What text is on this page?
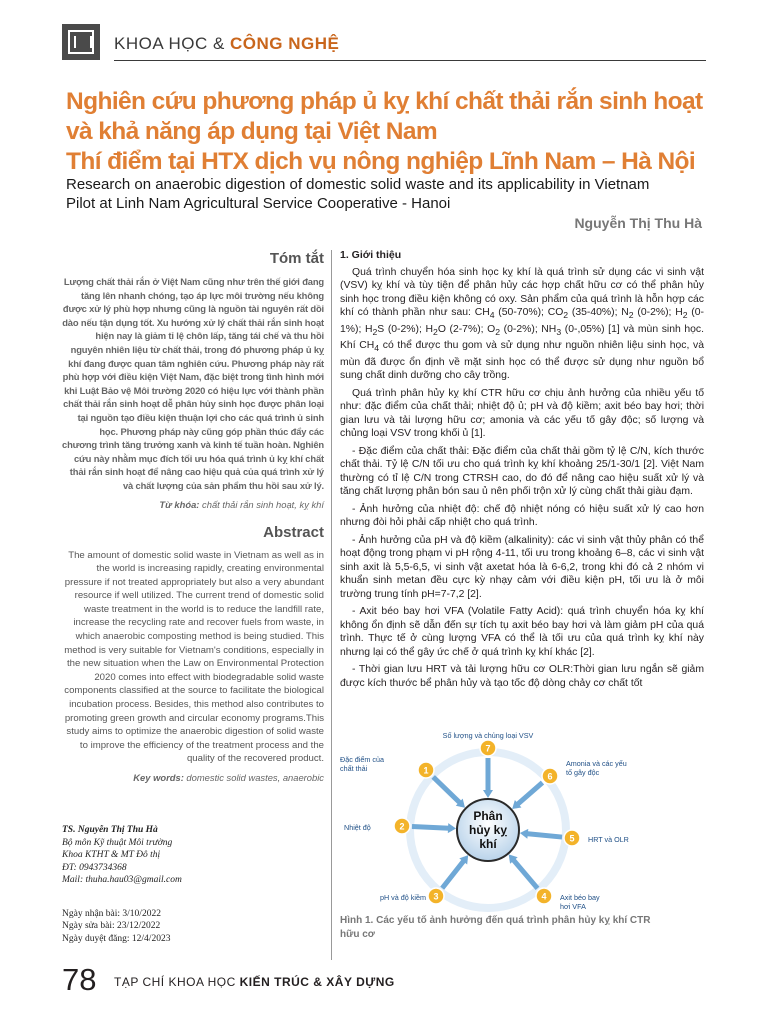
KHOA HỌC & CÔNG NGHỆ
Nghiên cứu phương pháp ủ kỵ khí chất thải rắn sinh hoạt
và khả năng áp dụng tại Việt Nam
Thí điểm tại HTX dịch vụ nông nghiệp Lĩnh Nam – Hà Nội
Research on anaerobic digestion of domestic solid waste and its applicability in Vietnam
Pilot at Linh Nam Agricultural Service Cooperative - Hanoi
Nguyễn Thị Thu Hà
Tóm tắt

Lượng chất thải rắn ở Việt Nam cũng như trên thế giới đang tăng lên nhanh chóng, tạo áp lực môi trường nếu không được xử lý phù hợp nhưng cũng là nguồn tài nguyên rất dồi dào nếu tận dụng tốt. Xu hướng xử lý chất thải rắn sinh hoạt hiện nay là giảm tỉ lệ chôn lấp, tăng tái chế và thu hồi nguyên nhiên liệu từ chất thải, trong đó phương pháp ủ kỵ khí đang được quan tâm nghiên cứu. Phương pháp này rất phù hợp với điều kiện Việt Nam, đặc biệt trong tình hình mới khi Luật Bảo vệ Môi trường 2020 có hiệu lực với thành phần chất thải rắn sinh hoạt dễ phân hủy sinh học được phân loại tại nguồn tạo điều kiện thuận lợi cho các quá trình ủ sinh học. Phương pháp này cũng góp phần thúc đẩy các chương trình tăng trưởng xanh và kinh tế tuần hoàn. Nghiên cứu này nhằm mục đích tối ưu hóa quá trình ủ kỵ khí chất thải rắn sinh hoạt để nâng cao hiệu quả của quá trình xử lý và chất lượng của sản phẩm thu hồi sau xử lý.

Từ khóa: chất thải rắn sinh hoạt, kỵ khí

Abstract

The amount of domestic solid waste in Vietnam as well as in the world is increasing rapidly, creating environmental pressure if not treated appropriately but also a very abundant resource if well utilized. The current trend of domestic solid waste treatment in the world is to reduce the landfill rate, increase the recycling rate and recover fuels from waste, in which anaerobic composting method is being studied. This method is very suitable for Vietnam's conditions, especially in the new situation when the Law on Environmental Protection 2020 comes into effect with biodegradable solid waste components classified at the source to facilitate the biological incubation process. Besides, this method also contributes to promoting green growth and circular economy programs.This study aims to optimize the anaerobic digestion of solid waste to improve the efficiency of the treatment process and the quality of the recovered product.

Key words: domestic solid wastes, anaerobic

TS. Nguyễn Thị Thu Hà

Bộ môn Kỹ thuật Môi trường

Khoa KTHT & MT Đô thị

ĐT: 0943734368

Mail: thuha.hau03@gmail.com

Ngày nhận bài: 3/10/2022

Ngày sửa bài: 23/12/2022

Ngày duyệt đăng: 12/4/2023

1. Giới thiệu

Quá trình chuyển hóa sinh học kỵ khí là quá trình sử dụng các vi sinh vật (VSV) kỵ khí và tùy tiện để phân hủy các hợp chất hữu cơ có thể phân hủy sinh học trong điều kiện không có oxy. Sản phẩm của quá trình là hỗn hợp các khí có thành phần như sau: $CH_4$ (50-70%); $CO_2$ (35-40%); $N_2$ (0-2%); $H_2$ (0-1%); $H_2S$ (0-2%); $H_2O$ (2-7%); $O_2$ (0-2%); $NH_3$ (0-,05%) [1] và mùn sinh học. Khí $CH_4$ có thể được thu gom và sử dụng như nguồn nhiên liệu sinh học, và mùn đã được ổn định về mặt sinh học có thể được sử dụng như nguồn bổ sung chất dinh dưỡng cho cây trồng.

Quá trình phân hủy kỵ khí CTR hữu cơ chịu ảnh hưởng của nhiều yếu tố như: đặc điểm của chất thải; nhiệt độ ủ; pH và độ kiềm; axit béo bay hơi; thời gian lưu và tải lượng hữu cơ; amonia và các yếu tố gây độc; số lượng và chủng loại VSV trong khối ủ [1].

- Đặc điểm của chất thải: Đặc điểm của chất thải gồm tỷ lệ C/N, kích thước chất thải. Tỷ lệ C/N tối ưu cho quá trình kỵ khí khoảng 25/1-30/1 [2]. Việt Nam thường có tỉ lệ C/N trong CTRSH cao, do đó để nâng cao hiệu suất xử lý và tăng chất lượng phân bón sau ủ nên phối trộn xử lý cùng chất thải giàu đạm.

- Ảnh hưởng của nhiệt độ: chế độ nhiệt nóng có hiệu suất xử lý cao hơn nhưng đòi hỏi phải cấp nhiệt cho quá trình.

- Ảnh hưởng của pH và độ kiềm (alkalinity): các vi sinh vật thủy phân có thể hoạt động trong phạm vi pH rộng 4-11, tối ưu trong khoảng 6–8, các vi sinh vật sinh axit là 5,5-6,5, vi sinh vật axetat hóa là 6-6,2, trong khi đó cả 2 nhóm vi khuẩn sinh metan đều cực kỳ nhạy cảm với điều kiện pH, tối ưu là ở môi trường trung tính pH=7-7,2 [2].

- Axit béo bay hơi VFA (Volatile Fatty Acid): quá trình chuyển hóa kỵ khí không ổn định sẽ dẫn đến sự tích tụ axit béo bay hơi và làm giảm pH của quá trình. Thực tế ở cùng lượng VFA có thể là tối ưu của quá trình kỵ khí này nhưng lại có thể gây ức chế ở quá trình kỵ khí khác [2].

- Thời gian lưu HRT và tải lượng hữu cơ OLR:Thời gian lưu ngắn sẽ giảm được kích thước bể phân hủy và tạo tốc độ dòng chảy cơ chất tốt

Phân
hủy kỵ
khí
7
Số lượng và chủng loại VSV
6
Amonia và các yếu tố gây độc
5 HRT và OLR
4 Axit béo bay hơi VFA
3
pH và độ kiềm
2
Nhiệt độ
1
Đặc điểm của chất thải
Hình 1. Các yếu tố ảnh hưởng đến quá trình phân hủy kỵ khí CTR hữu cơ
78 TẠP CHÍ KHOA HỌC KIẾN TRÚC & XÂY DỰNG
